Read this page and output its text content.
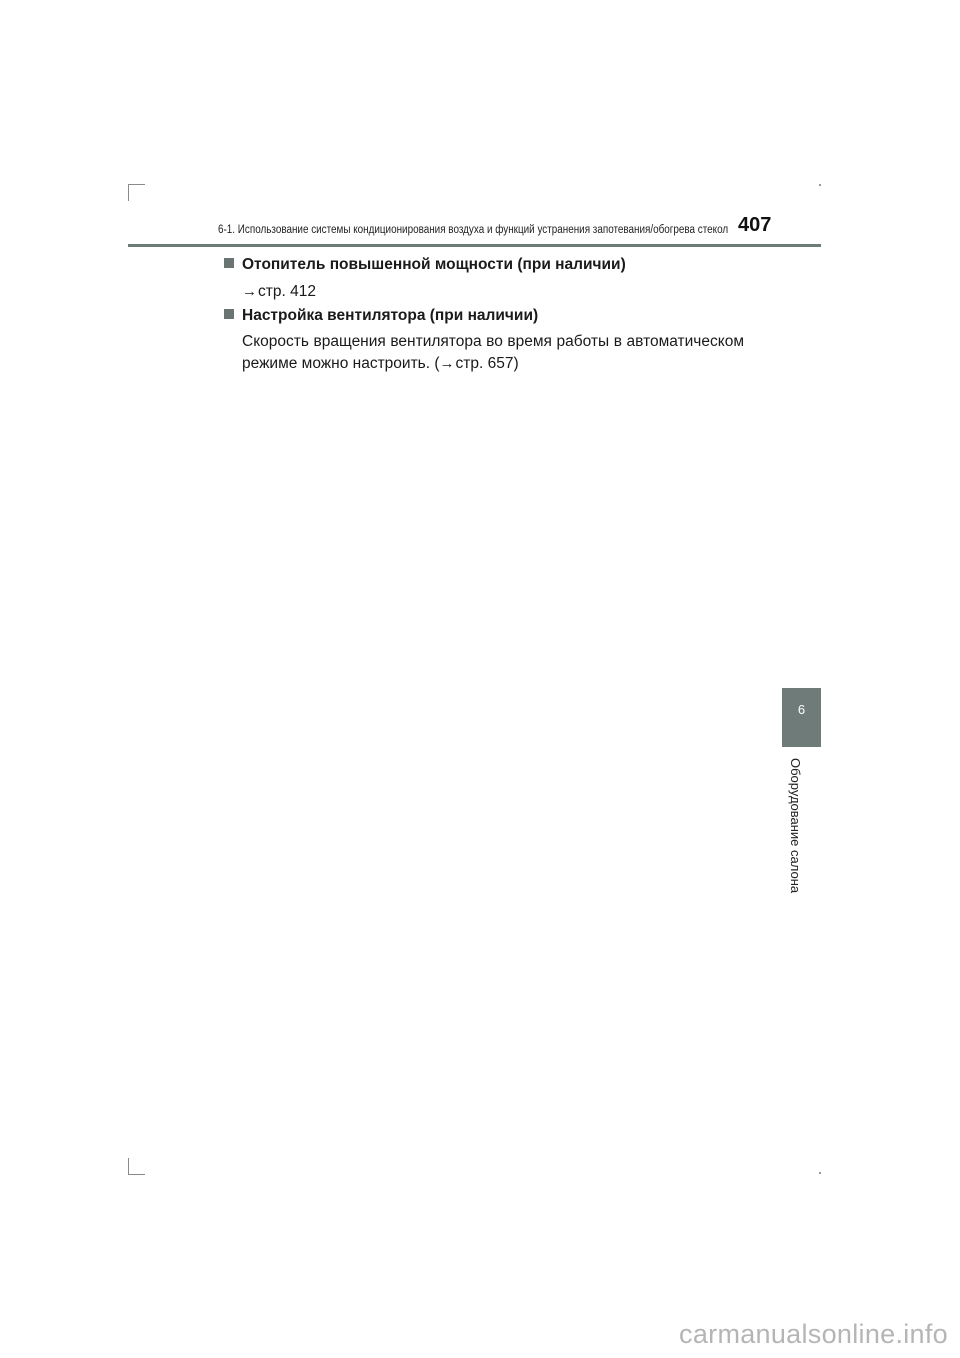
6-1. Использование системы кондиционирования воздуха и функций устранения запотевания/обогрева стекол 407
Отопитель повышенной мощности (при наличии)
→стр. 412
Настройка вентилятора (при наличии)
Скорость вращения вентилятора во время работы в автоматическом
режиме можно настроить. (→стр. 657)
6
Оборудование салона
carmanualsonline.info
